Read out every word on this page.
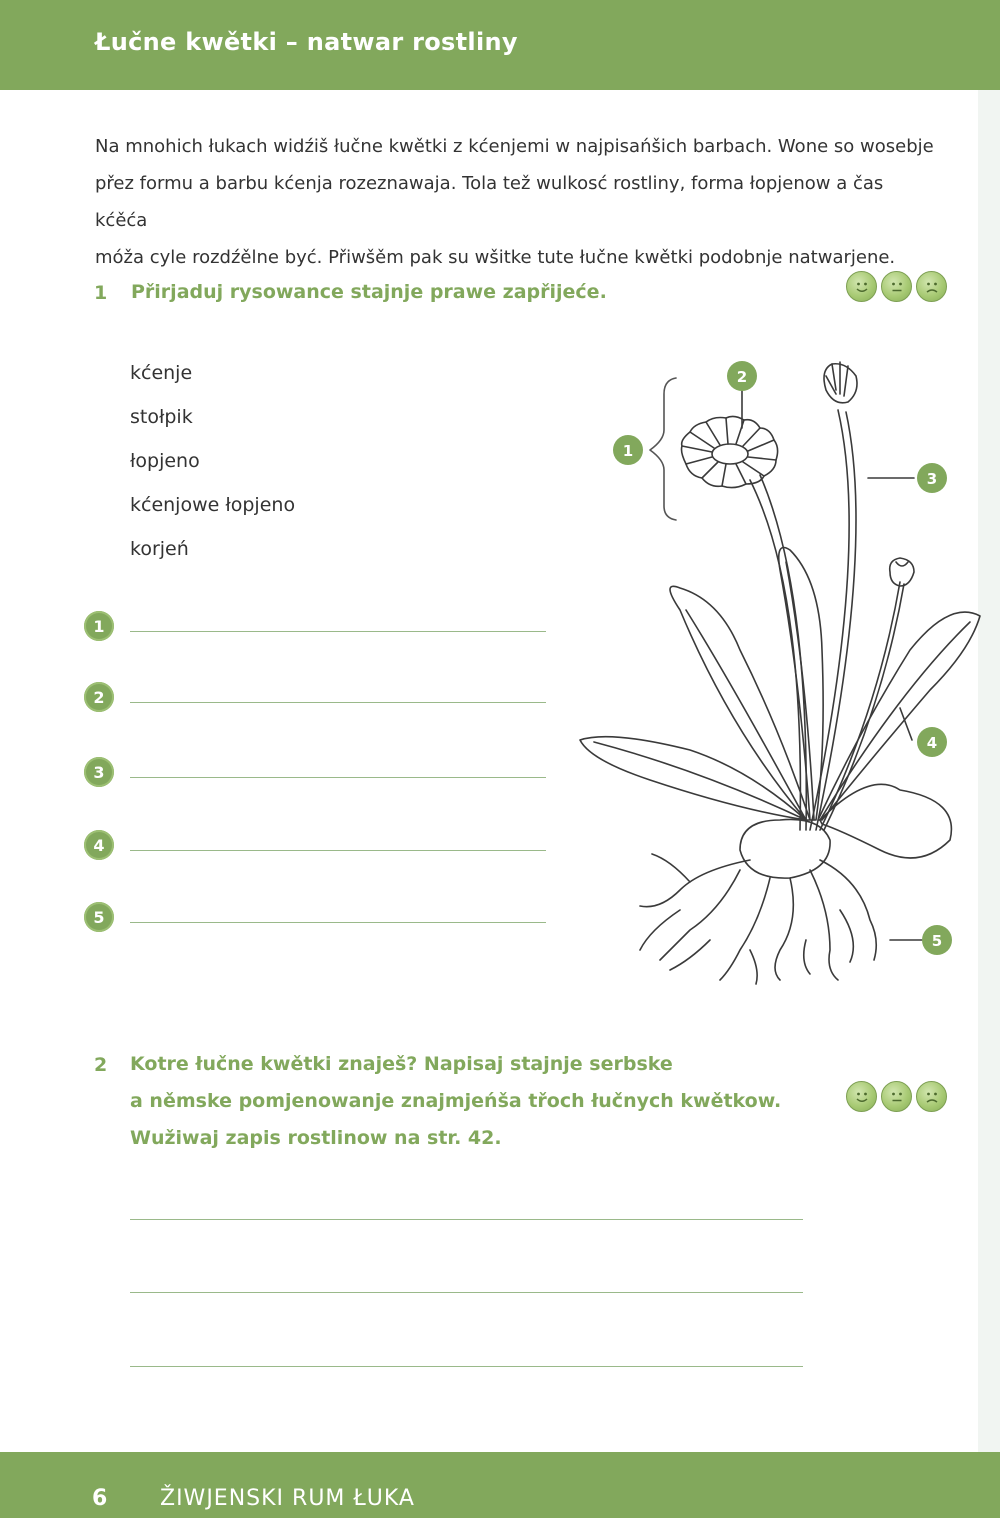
Łučne kwětki – natwar rostliny

Na mnohich łukach widźiš łučne kwětki z kćenjemi w najpisańšich barbach. Wone so wosebje

přez formu a barbu kćenja rozeznawaja. Tola tež wulkosć rostliny, forma łopjenow a čas kćěća

móža cyle rozdźělne być. Přiwšěm pak su wšitke tute łučne kwětki podobnje natwarjene.

1 Přirjaduj rysowance stajnje prawe zapřijeće.
kćenje
stołpik
łopjeno
kćenjowe łopjeno
korjeń
1
2
3
4
5
1
2
3
4
5
2 Kotre łučne kwětki znaješ? Napisaj stajnje serbske
a němske pomjenowanje znajmjeńša třoch łučnych kwětkow.
Wužiwaj zapis rostlinow na str. 42.
6 ŽIWJENSKI RUM ŁUKA
